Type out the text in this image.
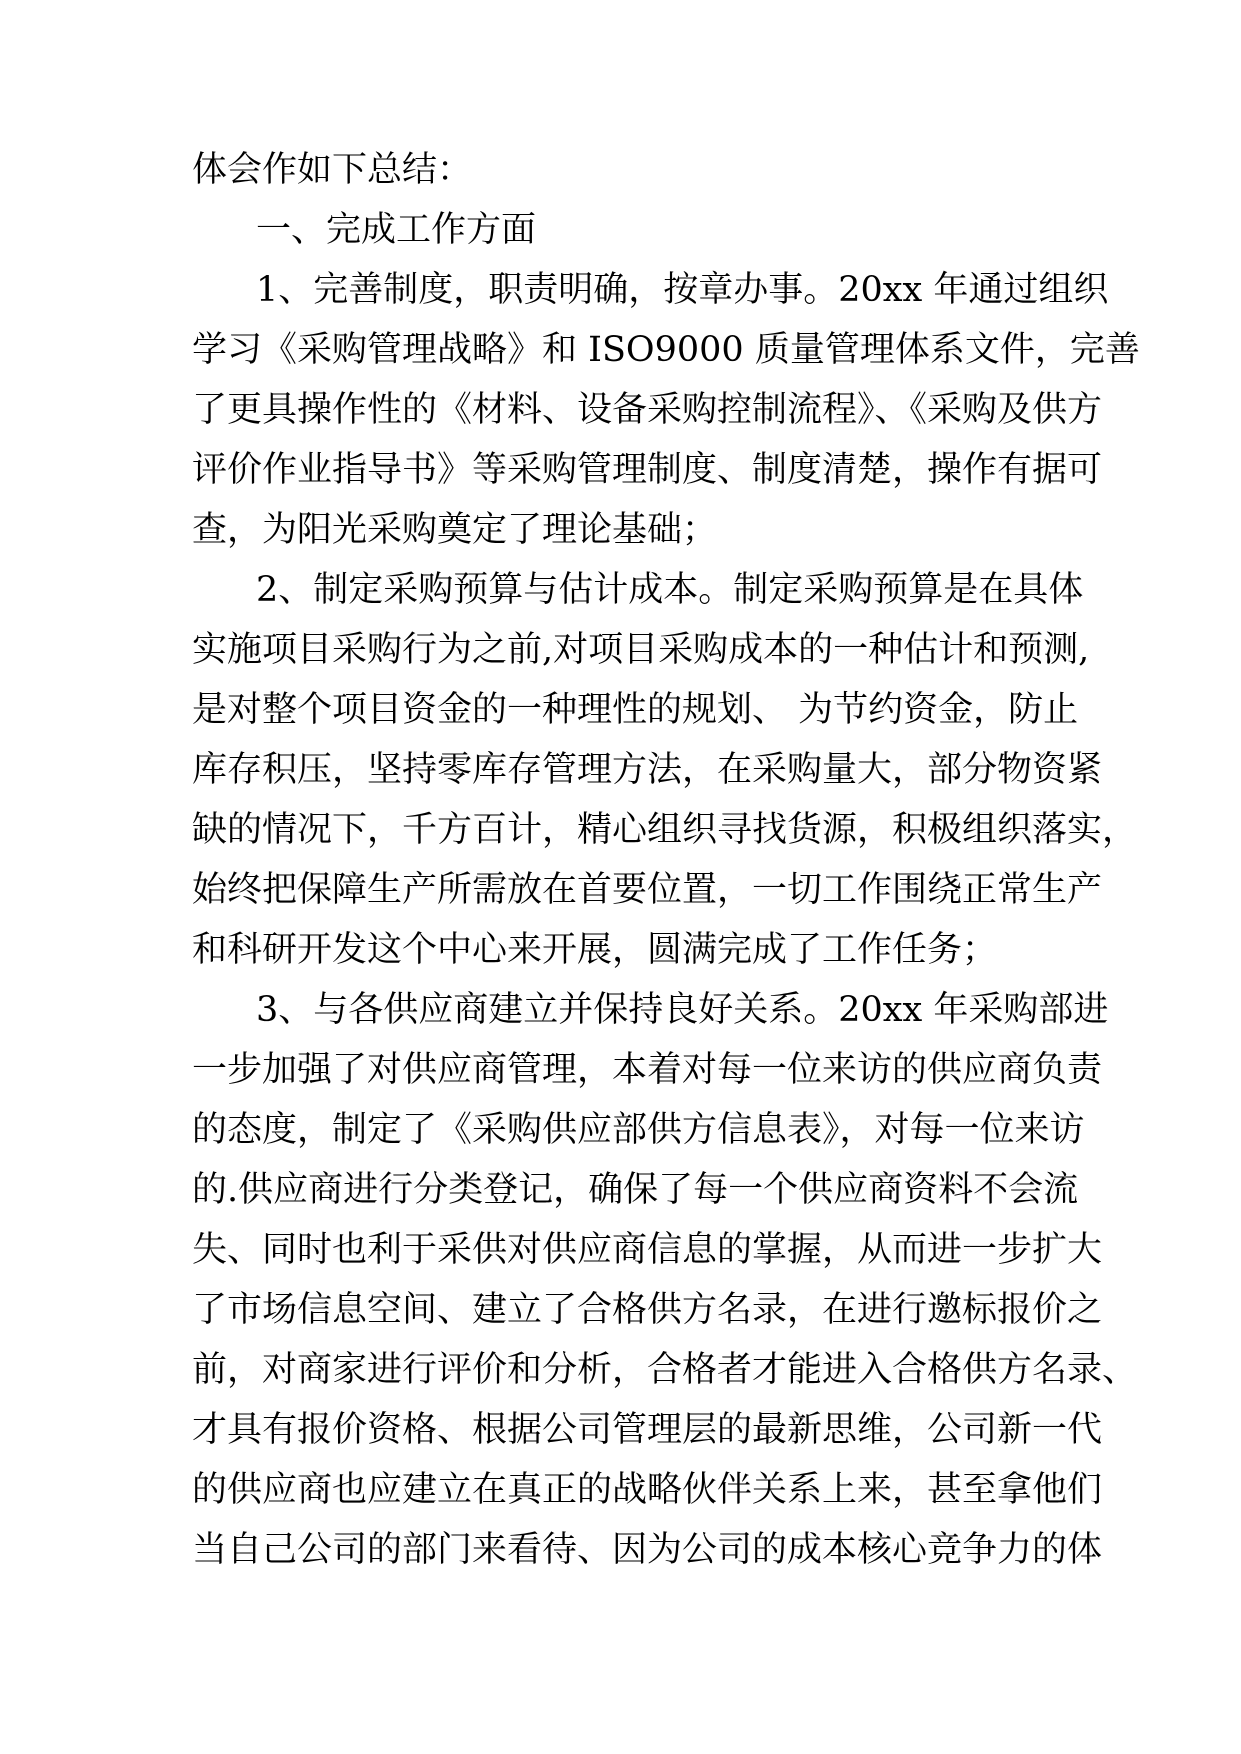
体会作如下总结：
一、完成工作方面
1、完善制度，职责明确，按章办事。20xx 年通过组织
学习《采购管理战略》和 ISO9000 质量管理体系文件，完善
了更具操作性的《材料、设备采购控制流程》、《采购及供方
评价作业指导书》等采购管理制度、制度清楚，操作有据可
查，为阳光采购奠定了理论基础；
2、制定采购预算与估计成本。制定采购预算是在具体
实施项目采购行为之前,对项目采购成本的一种估计和预测,
是对整个项目资金的一种理性的规划、 为节约资金，防止
库存积压，坚持零库存管理方法，在采购量大，部分物资紧
缺的情况下，千方百计，精心组织寻找货源，积极组织落实，
始终把保障生产所需放在首要位置，一切工作围绕正常生产
和科研开发这个中心来开展，圆满完成了工作任务；
3、与各供应商建立并保持良好关系。20xx 年采购部进
一步加强了对供应商管理，本着对每一位来访的供应商负责
的态度，制定了《采购供应部供方信息表》，对每一位来访
的.供应商进行分类登记，确保了每一个供应商资料不会流
失、同时也利于采供对供应商信息的掌握，从而进一步扩大
了市场信息空间、建立了合格供方名录，在进行邀标报价之
前，对商家进行评价和分析，合格者才能进入合格供方名录、
才具有报价资格、根据公司管理层的最新思维，公司新一代
的供应商也应建立在真正的战略伙伴关系上来，甚至拿他们
当自己公司的部门来看待、因为公司的成本核心竞争力的体
